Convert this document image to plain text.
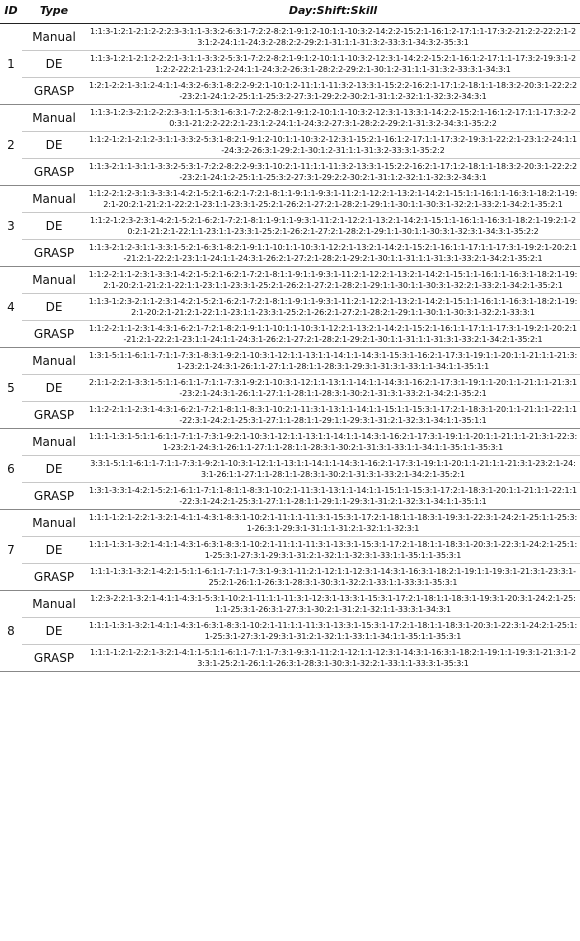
ID	Type	Day:Shift:Skill
1	Manual	1:1:3-1:2:1-2:1:2-2:2:3-3:1:1-3:3:2-6:3:1-7:2:2-8:2:1-9:1:2-10:1:1-10:3:2-14:2:2-15:2:1-16:1:2-17:1:1-17:3:2-21:2:2-22:2:1-23:1:2-24:1:1-24:3:2-28:2:2-29:2:1-31:1:1-31:3:2-33:3:1-34:3:2-35:3:1
	DE	1:1:3-1:2:1-2:1:2-2:2:1-3:1:1-3:3:2-5:3:1-7:2:2-8:2:1-9:1:2-10:1:1-10:3:2-12:3:1-14:2:2-15:2:1-16:1:2-17:1:1-17:3:2-19:3:1-21:2:2-22:2:1-23:1:2-24:1:1-24:3:2-26:3:1-28:2:2-29:2:1-30:1:2-31:1:1-31:3:2-33:3:1-34:3:1
	GRASP	1:2:1-2:2:1-3:1:2-4:1:1-4:3:2-6:3:1-8:2:2-9:2:1-10:1:2-11:1:1-11:3:2-13:3:1-15:2:2-16:2:1-17:1:2-18:1:1-18:3:2-20:3:1-22:2:2-23:2:1-24:1:2-25:1:1-25:3:2-27:3:1-29:2:2-30:2:1-31:1:2-32:1:1-32:3:2-34:3:1
2	Manual	1:1:3-1:2:3-2:1:2-2:2:3-3:1:1-5:3:1-6:3:1-7:2:2-8:2:1-9:1:2-10:1:1-10:3:2-12:3:1-13:3:1-14:2:2-15:2:1-16:1:2-17:1:1-17:3:2-20:3:1-21:2:2-22:2:1-23:1:2-24:1:1-24:3:2-27:3:1-28:2:2-29:2:1-31:3:2-34:3:1-35:2:2
	DE	1:1:2-1:2:1-2:1:2-3:1:1-3:3:2-5:3:1-8:2:1-9:1:2-10:1:1-10:3:2-12:3:1-15:2:1-16:1:2-17:1:1-17:3:2-19:3:1-22:2:1-23:1:2-24:1:1-24:3:2-26:3:1-29:2:1-30:1:2-31:1:1-31:3:2-33:3:1-35:2:2
	GRASP	1:1:3-2:1:1-3:1:1-3:3:2-5:3:1-7:2:2-8:2:2-9:3:1-10:2:1-11:1:1-11:3:2-13:3:1-15:2:2-16:2:1-17:1:2-18:1:1-18:3:2-20:3:1-22:2:2-23:2:1-24:1:2-25:1:1-25:3:2-27:3:1-29:2:2-30:2:1-31:1:2-32:1:1-32:3:2-34:3:1
3	Manual	1:1:2-2:1:2-3:1:3-3:3:1-4:2:1-5:2:1-6:2:1-7:2:1-8:1:1-9:1:1-9:3:1-11:2:1-12:2:1-13:2:1-14:2:1-15:1:1-16:1:1-16:3:1-18:2:1-19:2:1-20:2:1-21:2:1-22:2:1-23:1:1-23:3:1-25:2:1-26:2:1-27:2:1-28:2:1-29:1:1-30:1:1-30:3:1-32:2:1-33:2:1-34:2:1-35:2:1
	DE	1:1:2-1:2:3-2:3:1-4:2:1-5:2:1-6:2:1-7:2:1-8:1:1-9:1:1-9:3:1-11:2:1-12:2:1-13:2:1-14:2:1-15:1:1-16:1:1-16:3:1-18:2:1-19:2:1-20:2:1-21:2:1-22:1:1-23:1:1-23:3:1-25:2:1-26:2:1-27:2:1-28:2:1-29:1:1-30:1:1-30:3:1-32:3:1-34:3:1-35:2:2
	GRASP	1:1:3-2:1:2-3:1:1-3:3:1-5:2:1-6:3:1-8:2:1-9:1:1-10:1:1-10:3:1-12:2:1-13:2:1-14:2:1-15:2:1-16:1:1-17:1:1-17:3:1-19:2:1-20:2:1-21:2:1-22:2:1-23:1:1-24:1:1-24:3:1-26:2:1-27:2:1-28:2:1-29:2:1-30:1:1-31:1:1-31:3:1-33:2:1-34:2:1-35:2:1
4	Manual	1:1:2-2:1:1-2:3:1-3:3:1-4:2:1-5:2:1-6:2:1-7:2:1-8:1:1-9:1:1-9:3:1-11:2:1-12:2:1-13:2:1-14:2:1-15:1:1-16:1:1-16:3:1-18:2:1-19:2:1-20:2:1-21:2:1-22:1:1-23:1:1-23:3:1-25:2:1-26:2:1-27:2:1-28:2:1-29:1:1-30:1:1-30:3:1-32:2:1-33:2:1-34:2:1-35:2:1
	DE	1:1:3-1:2:3-2:1:1-2:3:1-4:2:1-5:2:1-6:2:1-7:2:1-8:1:1-9:1:1-9:3:1-11:2:1-12:2:1-13:2:1-14:2:1-15:1:1-16:1:1-16:3:1-18:2:1-19:2:1-20:2:1-21:2:1-22:1:1-23:1:1-23:3:1-25:2:1-26:2:1-27:2:1-28:2:1-29:1:1-30:1:1-30:3:1-32:2:1-33:3:1
	GRASP	1:1:2-2:1:1-2:3:1-4:3:1-6:2:1-7:2:1-8:2:1-9:1:1-10:1:1-10:3:1-12:2:1-13:2:1-14:2:1-15:2:1-16:1:1-17:1:1-17:3:1-19:2:1-20:2:1-21:2:1-22:2:1-23:1:1-24:1:1-24:3:1-26:2:1-27:2:1-28:2:1-29:2:1-30:1:1-31:1:1-31:3:1-33:2:1-34:2:1-35:2:1
5	Manual	1:3:1-5:1:1-6:1:1-7:1:1-7:3:1-8:3:1-9:2:1-10:3:1-12:1:1-13:1:1-14:1:1-14:3:1-15:3:1-16:2:1-17:3:1-19:1:1-20:1:1-21:1:1-21:3:1-23:2:1-24:3:1-26:1:1-27:1:1-28:1:1-28:3:1-29:3:1-31:3:1-33:1:1-34:1:1-35:1:1
	DE	2:1:1-2:2:1-3:3:1-5:1:1-6:1:1-7:1:1-7:3:1-9:2:1-10:3:1-12:1:1-13:1:1-14:1:1-14:3:1-16:2:1-17:3:1-19:1:1-20:1:1-21:1:1-21:3:1-23:2:1-24:3:1-26:1:1-27:1:1-28:1:1-28:3:1-30:2:1-31:3:1-33:2:1-34:2:1-35:2:1
	GRASP	1:1:2-2:1:1-2:3:1-4:3:1-6:2:1-7:2:1-8:1:1-8:3:1-10:2:1-11:3:1-13:1:1-14:1:1-15:1:1-15:3:1-17:2:1-18:3:1-20:1:1-21:1:1-22:1:1-22:3:1-24:2:1-25:3:1-27:1:1-28:1:1-29:1:1-29:3:1-31:2:1-32:3:1-34:1:1-35:1:1
6	Manual	1:1:1-1:3:1-5:1:1-6:1:1-7:1:1-7:3:1-9:2:1-10:3:1-12:1:1-13:1:1-14:1:1-14:3:1-16:2:1-17:3:1-19:1:1-20:1:1-21:1:1-21:3:1-22:3:1-23:2:1-24:3:1-26:1:1-27:1:1-28:1:1-28:3:1-30:2:1-31:3:1-33:1:1-34:1:1-35:1:1-35:3:1
	DE	3:3:1-5:1:1-6:1:1-7:1:1-7:3:1-9:2:1-10:3:1-12:1:1-13:1:1-14:1:1-14:3:1-16:2:1-17:3:1-19:1:1-20:1:1-21:1:1-21:3:1-23:2:1-24:3:1-26:1:1-27:1:1-28:1:1-28:3:1-30:2:1-31:3:1-33:2:1-34:2:1-35:2:1
	GRASP	1:3:1-3:3:1-4:2:1-5:2:1-6:1:1-7:1:1-8:1:1-8:3:1-10:2:1-11:3:1-13:1:1-14:1:1-15:1:1-15:3:1-17:2:1-18:3:1-20:1:1-21:1:1-22:1:1-22:3:1-24:2:1-25:3:1-27:1:1-28:1:1-29:1:1-29:3:1-31:2:1-32:3:1-34:1:1-35:1:1
7	Manual	1:1:1-1:2:1-2:2:1-3:2:1-4:1:1-4:3:1-8:3:1-10:2:1-11:1:1-11:3:1-15:3:1-17:2:1-18:1:1-18:3:1-19:3:1-22:3:1-24:2:1-25:1:1-25:3:1-26:3:1-29:3:1-31:1:1-31:2:1-32:1:1-32:3:1
	DE	1:1:1-1:3:1-3:2:1-4:1:1-4:3:1-6:3:1-8:3:1-10:2:1-11:1:1-11:3:1-13:3:1-15:3:1-17:2:1-18:1:1-18:3:1-20:3:1-22:3:1-24:2:1-25:1:1-25:3:1-27:3:1-29:3:1-31:2:1-32:1:1-32:3:1-33:1:1-35:1:1-35:3:1
	GRASP	1:1:1-1:3:1-3:2:1-4:2:1-5:1:1-6:1:1-7:1:1-7:3:1-9:3:1-11:2:1-12:1:1-12:3:1-14:3:1-16:3:1-18:2:1-19:1:1-19:3:1-21:3:1-23:3:1-25:2:1-26:1:1-26:3:1-28:3:1-30:3:1-32:2:1-33:1:1-33:3:1-35:3:1
8	Manual	1:2:3-2:2:1-3:2:1-4:1:1-4:3:1-5:3:1-10:2:1-11:1:1-11:3:1-12:3:1-13:3:1-15:3:1-17:2:1-18:1:1-18:3:1-19:3:1-20:3:1-24:2:1-25:1:1-25:3:1-26:3:1-27:3:1-30:2:1-31:2:1-32:1:1-33:3:1-34:3:1
	DE	1:1:1-1:3:1-3:2:1-4:1:1-4:3:1-6:3:1-8:3:1-10:2:1-11:1:1-11:3:1-13:3:1-15:3:1-17:2:1-18:1:1-18:3:1-20:3:1-22:3:1-24:2:1-25:1:1-25:3:1-27:3:1-29:3:1-31:2:1-32:1:1-33:1:1-34:1:1-35:1:1-35:3:1
	GRASP	1:1:1-1:2:1-2:2:1-3:2:1-4:1:1-5:1:1-6:1:1-7:1:1-7:3:1-9:3:1-11:2:1-12:1:1-12:3:1-14:3:1-16:3:1-18:2:1-19:1:1-19:3:1-21:3:1-23:3:1-25:2:1-26:1:1-26:3:1-28:3:1-30:3:1-32:2:1-33:1:1-33:3:1-35:3:1
